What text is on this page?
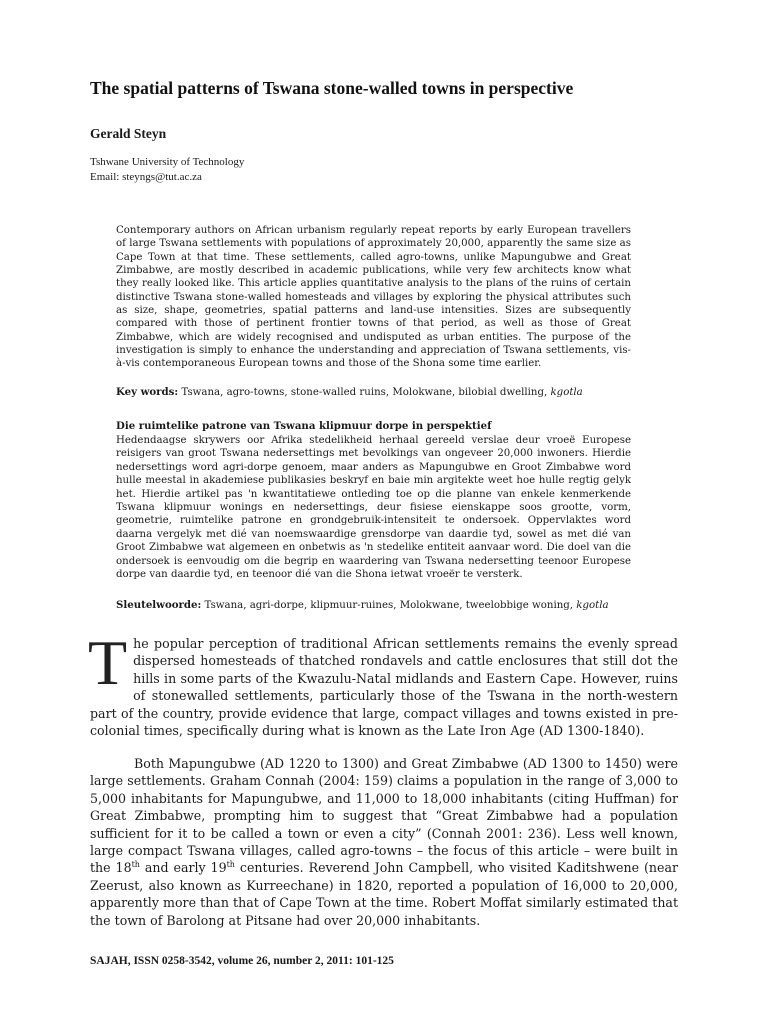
The spatial patterns of Tswana stone-walled towns in perspective
Gerald Steyn
Tshwane University of Technology
Email: steyngs@tut.ac.za

Contemporary authors on African urbanism regularly repeat reports by early European travellers of large Tswana settlements with populations of approximately 20,000, apparently the same size as Cape Town at that time. These settlements, called agro-towns, unlike Mapungubwe and Great Zimbabwe, are mostly described in academic publications, while very few architects know what they really looked like. This article applies quantitative analysis to the plans of the ruins of certain distinctive Tswana stone-walled homesteads and villages by exploring the physical attributes such as size, shape, geometries, spatial patterns and land-use intensities. Sizes are subsequently compared with those of pertinent frontier towns of that period, as well as those of Great Zimbabwe, which are widely recognised and undisputed as urban entities. The purpose of the investigation is simply to enhance the understanding and appreciation of Tswana settlements, vis-à-vis contemporaneous European towns and those of the Shona some time earlier.

Key words: Tswana, agro-towns, stone-walled ruins, Molokwane, bilobial dwelling, kgotla
Die ruimtelike patrone van Tswana klipmuur dorpe in perspektief

Hedendaagse skrywers oor Afrika stedelikheid herhaal gereeld verslae deur vroeë Europese reisigers van groot Tswana nedersettings met bevolkings van ongeveer 20,000 inwoners. Hierdie nedersettings word agri-dorpe genoem, maar anders as Mapungubwe en Groot Zimbabwe word hulle meestal in akademiese publikasies beskryf en baie min argitekte weet hoe hulle regtig gelyk het. Hierdie artikel pas 'n kwantitatiewe ontleding toe op die planne van enkele kenmerkende Tswana klipmuur wonings en nedersettings, deur fisiese eienskappe soos grootte, vorm, geometrie, ruimtelike patrone en grondgebruik-intensiteit te ondersoek. Oppervlaktes word daarna vergelyk met dié van noemswaardige grensdorpe van daardie tyd, sowel as met dié van Groot Zimbabwe wat algemeen en onbetwis as 'n stedelike entiteit aanvaar word. Die doel van die ondersoek is eenvoudig om die begrip en waardering van Tswana nedersetting teenoor Europese dorpe van daardie tyd, en teenoor dié van die Shona ietwat vroeër te versterk.

Sleutelwoorde: Tswana, agri-dorpe, klipmuur-ruines, Molokwane, tweelobbige woning, kgotla

The popular perception of traditional African settlements remains the evenly spread dispersed homesteads of thatched rondavels and cattle enclosures that still dot the hills in some parts of the Kwazulu-Natal midlands and Eastern Cape. However, ruins of stonewalled settlements, particularly those of the Tswana in the north-western part of the country, provide evidence that large, compact villages and towns existed in pre-colonial times, specifically during what is known as the Late Iron Age (AD 1300-1840).

Both Mapungubwe (AD 1220 to 1300) and Great Zimbabwe (AD 1300 to 1450) were large settlements. Graham Connah (2004: 159) claims a population in the range of 3,000 to 5,000 inhabitants for Mapungubwe, and 11,000 to 18,000 inhabitants (citing Huffman) for Great Zimbabwe, prompting him to suggest that “Great Zimbabwe had a population sufficient for it to be called a town or even a city” (Connah 2001: 236). Less well known, large compact Tswana villages, called agro-towns – the focus of this article – were built in the 18th and early 19th centuries. Reverend John Campbell, who visited Kaditshwene (near Zeerust, also known as Kurreechane) in 1820, reported a population of 16,000 to 20,000, apparently more than that of Cape Town at the time. Robert Moffat similarly estimated that the town of Barolong at Pitsane had over 20,000 inhabitants.

SAJAH, ISSN 0258-3542, volume 26, number 2, 2011: 101-125
